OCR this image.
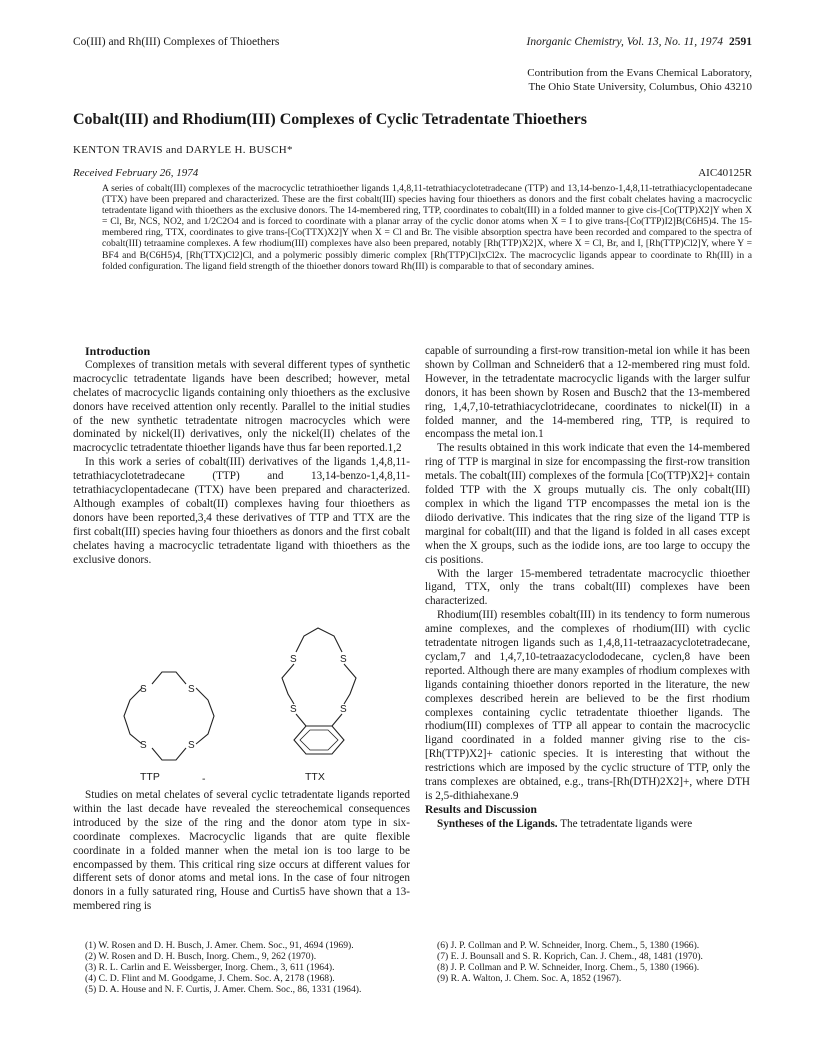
Co(III) and Rh(III) Complexes of Thioethers	Inorganic Chemistry, Vol. 13, No. 11, 1974 2591
Contribution from the Evans Chemical Laboratory,
The Ohio State University, Columbus, Ohio 43210
Cobalt(III) and Rhodium(III) Complexes of Cyclic Tetradentate Thioethers
KENTON TRAVIS and DARYLE H. BUSCH*
Received February 26, 1974	AIC40125R
A series of cobalt(III) complexes of the macrocyclic tetrathioether ligands 1,4,8,11-tetrathiacyclotetradecane (TTP) and 13,14-benzo-1,4,8,11-tetrathiacyclopentadecane (TTX) have been prepared and characterized. These are the first cobalt(III) species having four thioethers as donors and the first cobalt chelates having a macrocyclic tetradentate ligand with thioethers as the exclusive donors. The 14-membered ring, TTP, coordinates to cobalt(III) in a folded manner to give cis-[Co(TTP)X2]Y when X = Cl, Br, NCS, NO2, and 1/2C2O4 and is forced to coordinate with a planar array of the cyclic donor atoms when X = I to give trans-[Co(TTP)I2]B(C6H5)4. The 15-membered ring, TTX, coordinates to give trans-[Co(TTX)X2]Y when X = Cl and Br. The visible absorption spectra have been recorded and compared to the spectra of cobalt(III) tetraamine complexes. A few rhodium(III) complexes have also been prepared, notably [Rh(TTP)X2]X, where X = Cl, Br, and I, [Rh(TTP)Cl2]Y, where Y = BF4 and B(C6H5)4, [Rh(TTX)Cl2]Cl, and a polymeric possibly dimeric complex [Rh(TTP)Cl]xCl2x. The macrocyclic ligands appear to coordinate to Rh(III) in a folded configuration. The ligand field strength of the thioether donors toward Rh(III) is comparable to that of secondary amines.

Introduction

Complexes of transition metals with several different types of synthetic macrocyclic tetradentate ligands have been described; however, metal chelates of macrocyclic ligands containing only thioethers as the exclusive donors have received attention only recently. Parallel to the initial studies of the new synthetic tetradentate nitrogen macrocycles which were dominated by nickel(II) derivatives, only the nickel(II) chelates of the macrocyclic tetradentate thioether ligands have thus far been reported.1,2

In this work a series of cobalt(III) derivatives of the ligands 1,4,8,11-tetrathiacyclotetradecane (TTP) and 13,14-benzo-1,4,8,11-tetrathiacyclopentadecane (TTX) have been prepared and characterized. Although examples of cobalt(II) complexes having four thioethers as donors have been reported,3,4 these derivatives of TTP and TTX are the first cobalt(III) species having four thioethers as donors and the first cobalt chelates having a macrocyclic tetradentate ligand with thioethers as the exclusive donors.

S	S
S	S
S	S
S	S
TTP	-	TTX

Studies on metal chelates of several cyclic tetradentate ligands reported within the last decade have revealed the stereochemical consequences introduced by the size of the ring and the donor atom type in six-coordinate complexes. Macrocyclic ligands that are quite flexible coordinate in a folded manner when the metal ion is too large to be encompassed by them. This critical ring size occurs at different values for different sets of donor atoms and metal ions. In the case of four nitrogen donors in a fully saturated ring, House and Curtis5 have shown that a 13-membered ring is

capable of surrounding a first-row transition-metal ion while it has been shown by Collman and Schneider6 that a 12-membered ring must fold. However, in the tetradentate macrocyclic ligands with the larger sulfur donors, it has been shown by Rosen and Busch2 that the 13-membered ring, 1,4,7,10-tetrathiacyclotridecane, coordinates to nickel(II) in a folded manner, and the 14-membered ring, TTP, is required to encompass the metal ion.1

The results obtained in this work indicate that even the 14-membered ring of TTP is marginal in size for encompassing the first-row transition metals. The cobalt(III) complexes of the formula [Co(TTP)X2]+ contain folded TTP with the X groups mutually cis. The only cobalt(III) complex in which the ligand TTP encompasses the metal ion is the diiodo derivative. This indicates that the ring size of the ligand TTP is marginal for cobalt(III) and that the ligand is folded in all cases except when the X groups, such as the iodide ions, are too large to occupy the cis positions.

With the larger 15-membered tetradentate macrocyclic thioether ligand, TTX, only the trans cobalt(III) complexes have been characterized.

Rhodium(III) resembles cobalt(III) in its tendency to form numerous amine complexes, and the complexes of rhodium(III) with cyclic tetradentate nitrogen ligands such as 1,4,8,11-tetraazacyclotetradecane, cyclam,7 and 1,4,7,10-tetraazacyclododecane, cyclen,8 have been reported. Although there are many examples of rhodium complexes with ligands containing thioether donors reported in the literature, the new complexes described herein are believed to be the first rhodium complexes containing cyclic tetradentate thioether ligands. The rhodium(III) complexes of TTP all appear to contain the macrocyclic ligand coordinated in a folded manner giving rise to the cis-[Rh(TTP)X2]+ cationic species. It is interesting that without the restrictions which are imposed by the cyclic structure of TTP, only the trans complexes are obtained, e.g., trans-[Rh(DTH)2X2]+, where DTH is 2,5-dithiahexane.9

Results and Discussion

Syntheses of the Ligands. The tetradentate ligands were

(1) W. Rosen and D. H. Busch, J. Amer. Chem. Soc., 91, 4694 (1969).
(2) W. Rosen and D. H. Busch, Inorg. Chem., 9, 262 (1970).
(3) R. L. Carlin and E. Weissberger, Inorg. Chem., 3, 611 (1964).
(4) C. D. Flint and M. Goodgame, J. Chem. Soc. A, 2178 (1968).
(5) D. A. House and N. F. Curtis, J. Amer. Chem. Soc., 86, 1331 (1964).
(6) J. P. Collman and P. W. Schneider, Inorg. Chem., 5, 1380 (1966).
(7) E. J. Bounsall and S. R. Koprich, Can. J. Chem., 48, 1481 (1970).
(8) J. P. Collman and P. W. Schneider, Inorg. Chem., 5, 1380 (1966).
(9) R. A. Walton, J. Chem. Soc. A, 1852 (1967).
